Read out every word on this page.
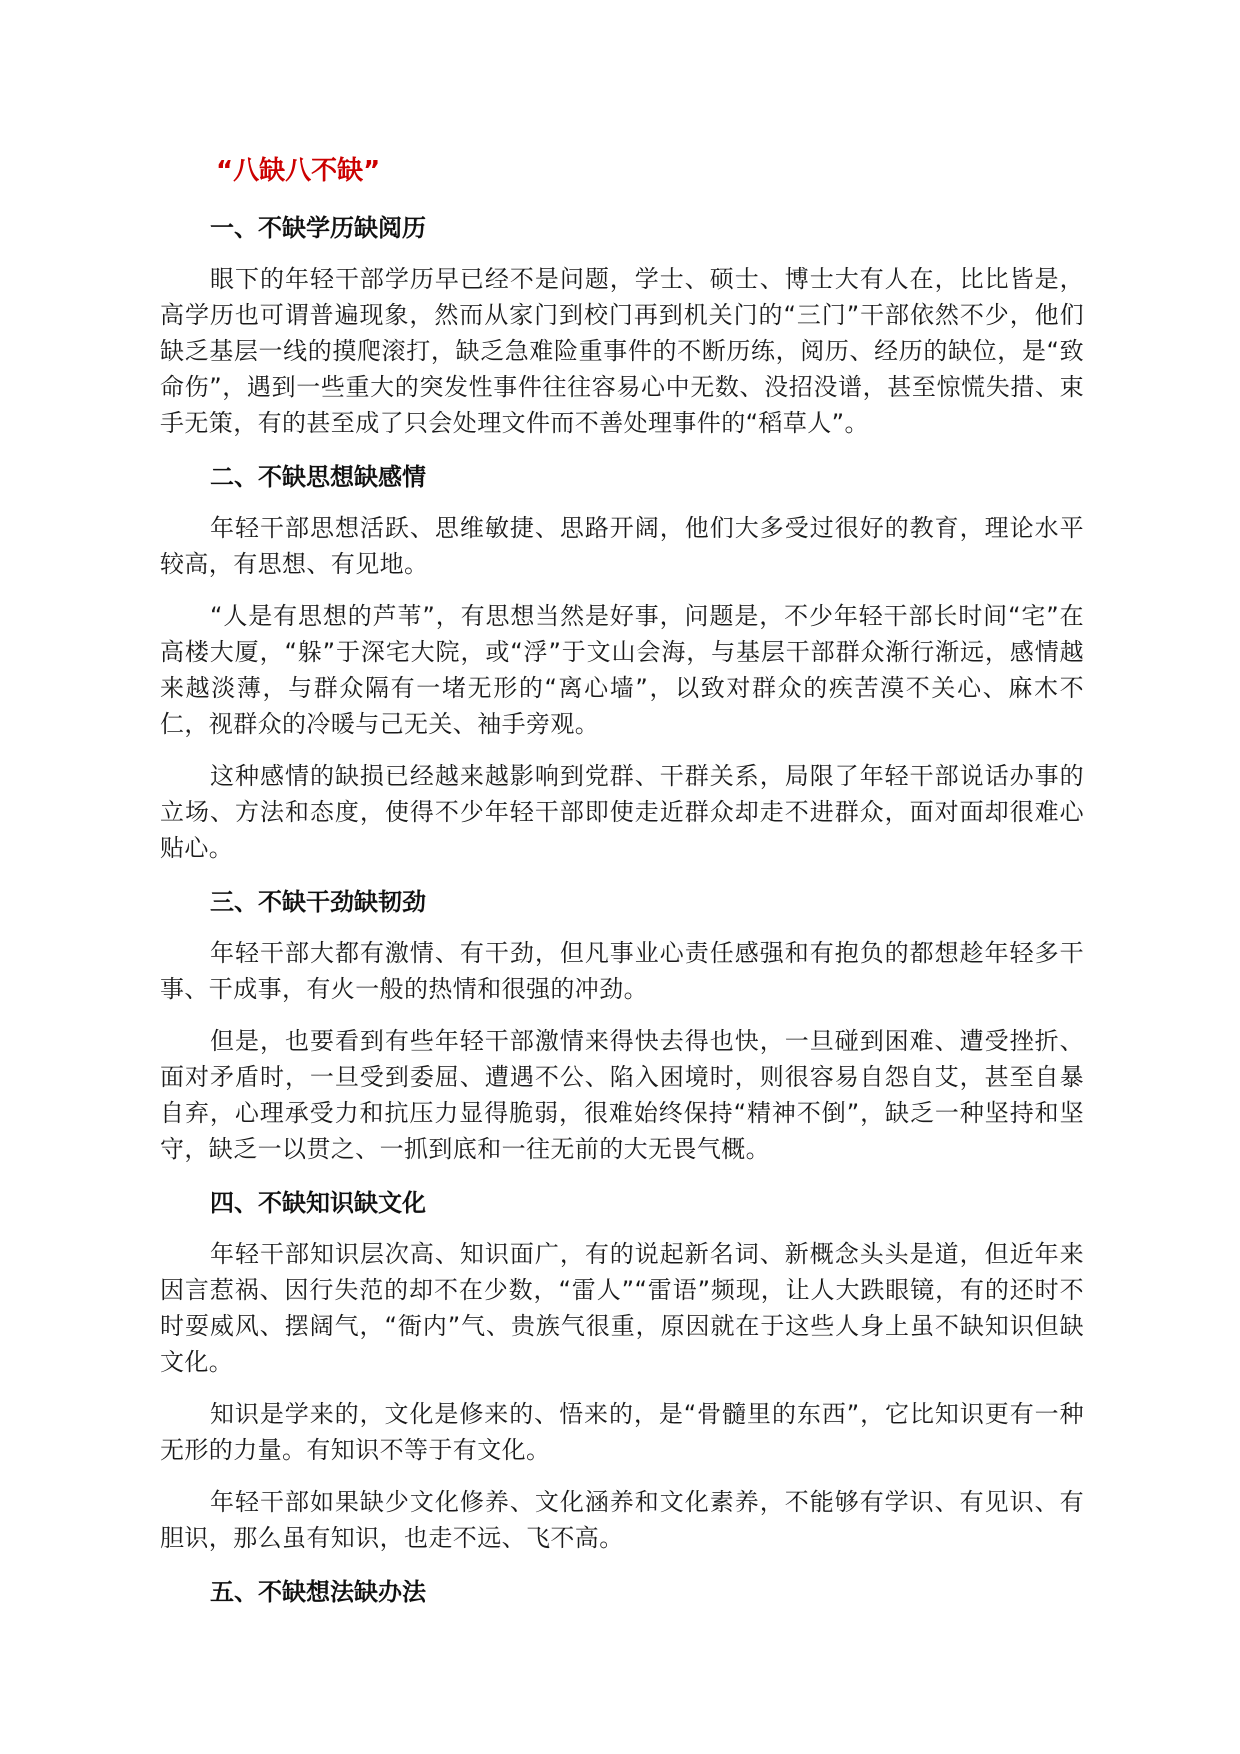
“八缺八不缺”
一、不缺学历缺阅历

眼下的年轻干部学历早已经不是问题，学士、硕士、博士大有人在，比比皆是，高学历也可谓普遍现象，然而从家门到校门再到机关门的“三门”干部依然不少，他们缺乏基层一线的摸爬滚打，缺乏急难险重事件的不断历练，阅历、经历的缺位，是“致命伤”，遇到一些重大的突发性事件往往容易心中无数、没招没谱，甚至惊慌失措、束手无策，有的甚至成了只会处理文件而不善处理事件的“稻草人”。

二、不缺思想缺感情

年轻干部思想活跃、思维敏捷、思路开阔，他们大多受过很好的教育，理论水平较高，有思想、有见地。

“人是有思想的芦苇”，有思想当然是好事，问题是，不少年轻干部长时间“宅”在高楼大厦，“躲”于深宅大院，或“浮”于文山会海，与基层干部群众渐行渐远，感情越来越淡薄，与群众隔有一堵无形的“离心墙”，以致对群众的疾苦漠不关心、麻木不仁，视群众的冷暖与己无关、袖手旁观。

这种感情的缺损已经越来越影响到党群、干群关系，局限了年轻干部说话办事的立场、方法和态度，使得不少年轻干部即使走近群众却走不进群众，面对面却很难心贴心。

三、不缺干劲缺韧劲

年轻干部大都有激情、有干劲，但凡事业心责任感强和有抱负的都想趁年轻多干事、干成事，有火一般的热情和很强的冲劲。

但是，也要看到有些年轻干部激情来得快去得也快，一旦碰到困难、遭受挫折、面对矛盾时，一旦受到委屈、遭遇不公、陷入困境时，则很容易自怨自艾，甚至自暴自弃，心理承受力和抗压力显得脆弱，很难始终保持“精神不倒”，缺乏一种坚持和坚守，缺乏一以贯之、一抓到底和一往无前的大无畏气概。

四、不缺知识缺文化

年轻干部知识层次高、知识面广，有的说起新名词、新概念头头是道，但近年来因言惹祸、因行失范的却不在少数，“雷人”“雷语”频现，让人大跌眼镜，有的还时不时耍威风、摆阔气，“衙内”气、贵族气很重，原因就在于这些人身上虽不缺知识但缺文化。

知识是学来的，文化是修来的、悟来的，是“骨髓里的东西”，它比知识更有一种无形的力量。有知识不等于有文化。

年轻干部如果缺少文化修养、文化涵养和文化素养，不能够有学识、有见识、有胆识，那么虽有知识，也走不远、飞不高。

五、不缺想法缺办法
